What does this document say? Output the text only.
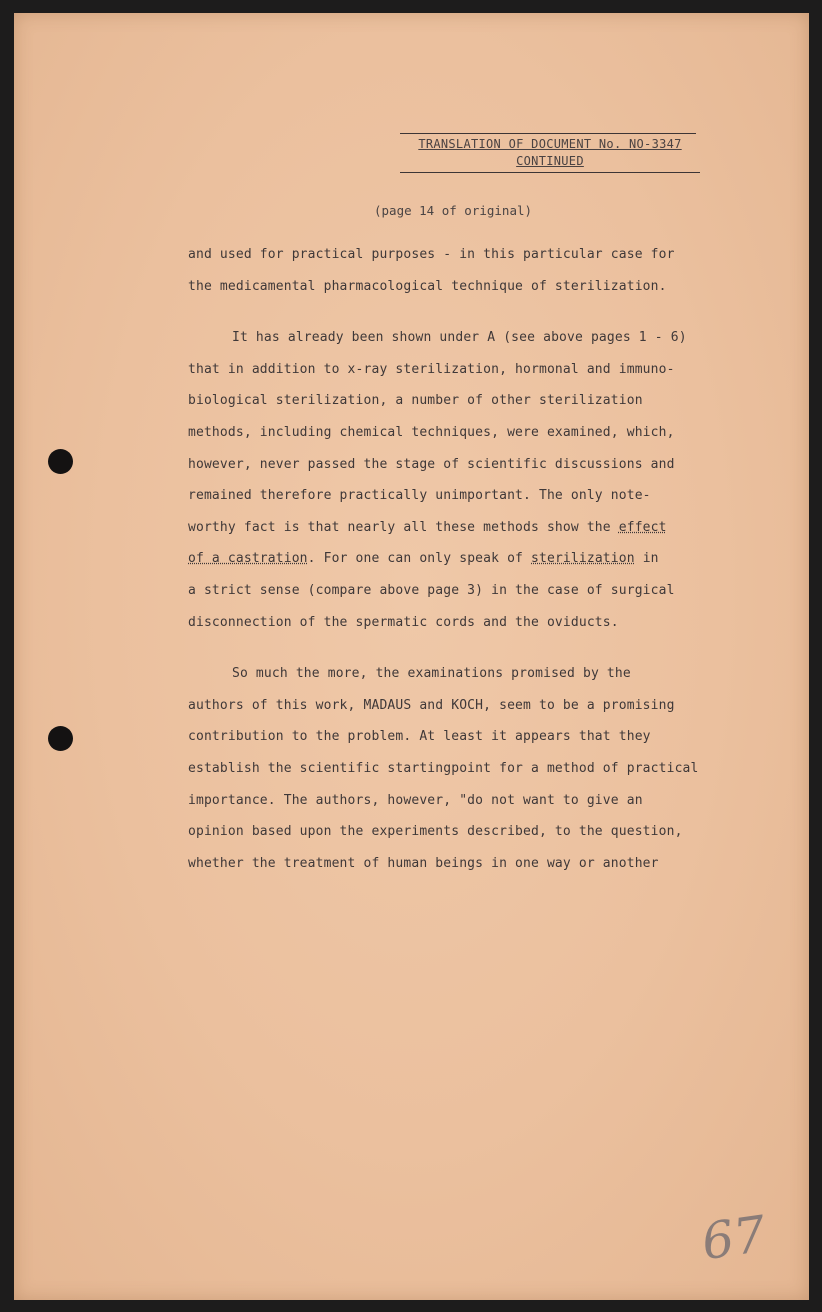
TRANSLATION OF DOCUMENT No. NO-3347
CONTINUED
(page 14 of original)

and used for practical purposes - in this particular case for
the medicamental pharmacological technique of sterilization.

It has already been shown under A (see above pages 1 - 6)
that in addition to x-ray sterilization, hormonal and immuno-
biological sterilization, a number of other sterilization
methods, including chemical techniques, were examined, which,
however, never passed the stage of scientific discussions and
remained therefore practically unimportant. The only note-
worthy fact is that nearly all these methods show the effect
of a castration. For one can only speak of sterilization in
a strict sense (compare above page 3) in the case of surgical
disconnection of the spermatic cords and the oviducts.

So much the more, the examinations promised by the
authors of this work, MADAUS and KOCH, seem to be a promising
contribution to the problem. At least it appears that they
establish the scientific startingpoint for a method of practical
importance. The authors, however, "do not want to give an
opinion based upon the experiments described, to the question,
whether the treatment of human beings in one way or another

67
